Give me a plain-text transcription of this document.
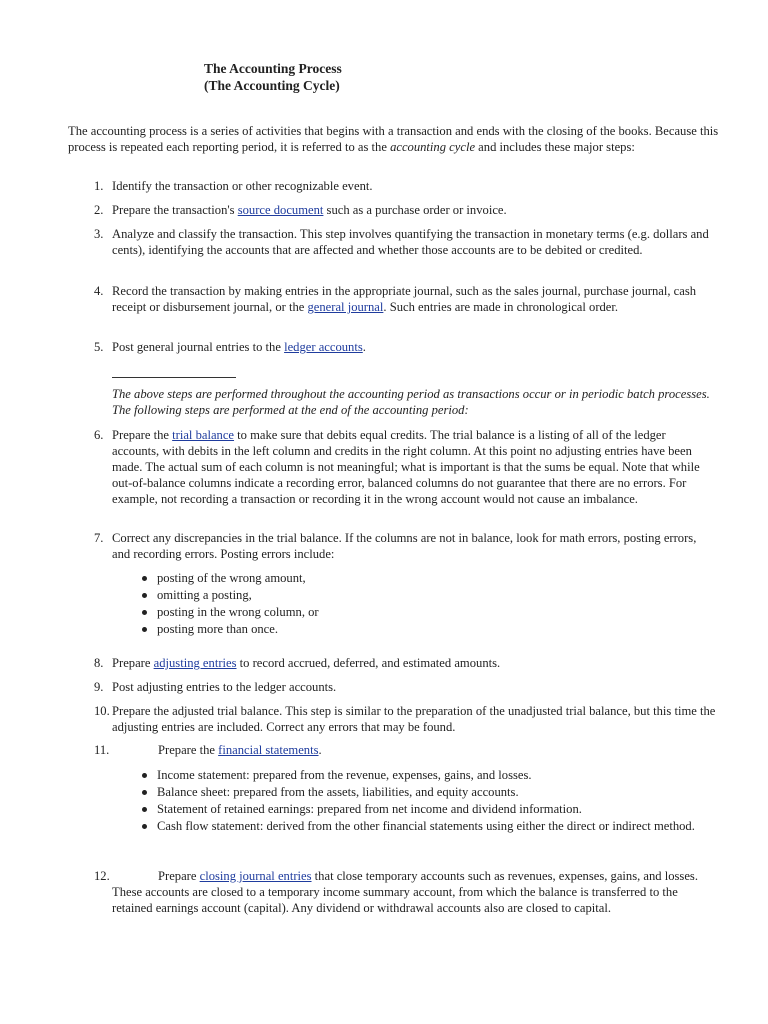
The Accounting Process
(The Accounting Cycle)
The accounting process is a series of activities that begins with a transaction and ends with the closing of the books. Because this process is repeated each reporting period, it is referred to as the accounting cycle and includes these major steps:
1. Identify the transaction or other recognizable event.
2. Prepare the transaction's source document such as a purchase order or invoice.
3. Analyze and classify the transaction. This step involves quantifying the transaction in monetary terms (e.g. dollars and cents), identifying the accounts that are affected and whether those accounts are to be debited or credited.
4. Record the transaction by making entries in the appropriate journal, such as the sales journal, purchase journal, cash receipt or disbursement journal, or the general journal. Such entries are made in chronological order.
5. Post general journal entries to the ledger accounts.
The above steps are performed throughout the accounting period as transactions occur or in periodic batch processes. The following steps are performed at the end of the accounting period:
6. Prepare the trial balance to make sure that debits equal credits. The trial balance is a listing of all of the ledger accounts, with debits in the left column and credits in the right column. At this point no adjusting entries have been made. The actual sum of each column is not meaningful; what is important is that the sums be equal. Note that while out-of-balance columns indicate a recording error, balanced columns do not guarantee that there are no errors. For example, not recording a transaction or recording it in the wrong account would not cause an imbalance.
7. Correct any discrepancies in the trial balance. If the columns are not in balance, look for math errors, posting errors, and recording errors. Posting errors include:
posting of the wrong amount,
omitting a posting,
posting in the wrong column, or
posting more than once.
8. Prepare adjusting entries to record accrued, deferred, and estimated amounts.
9. Post adjusting entries to the ledger accounts.
10. Prepare the adjusted trial balance. This step is similar to the preparation of the unadjusted trial balance, but this time the adjusting entries are included. Correct any errors that may be found.
11.	Prepare the financial statements.
Income statement: prepared from the revenue, expenses, gains, and losses.
Balance sheet: prepared from the assets, liabilities, and equity accounts.
Statement of retained earnings: prepared from net income and dividend information.
Cash flow statement: derived from the other financial statements using either the direct or indirect method.
12.	Prepare closing journal entries that close temporary accounts such as revenues, expenses, gains, and losses. These accounts are closed to a temporary income summary account, from which the balance is transferred to the retained earnings account (capital). Any dividend or withdrawal accounts also are closed to capital.
